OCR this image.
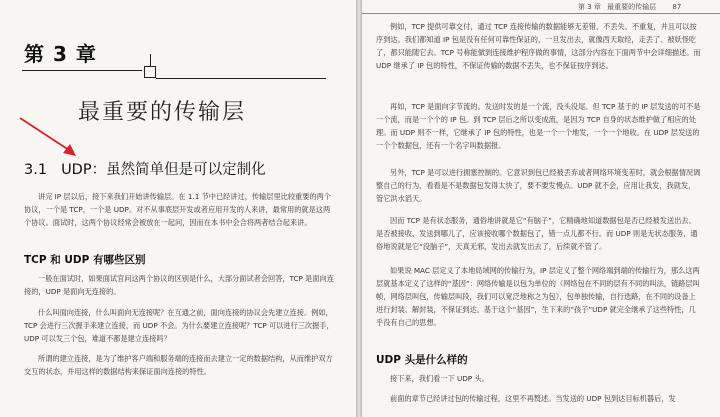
第 3 章
最重要的传输层
3.1 UDP：虽然简单但是可以定制化

讲完 IP 层以后，接下来我们开始讲传输层。在 1.1 节中已经讲过，传输层里比较重要的两个协议，一个是 TCP，一个是 UDP。对不从事底层开发或者应用开发的人来讲，最常用的就是这两个协议。面试时，这两个协议经常会被放在一起问，因而在本书中会合将两者结合起来讲。

TCP 和 UDP 有哪些区别

一般在面试时，如果面试官问这两个协议的区别是什么，大部分面试者会回答，TCP 是面向连接的，UDP 是面向无连接的。

什么叫面向连接，什么叫面向无连接呢？在互通之前，面向连接的协议会先建立连接。例如，TCP 会进行三次握手来建立连接，而 UDP 不会。为什么要建立连接呢？TCP 可以进行三次握手，UDP 可以发三个包，难道不都是建立连接吗？

所谓的建立连接，是为了维护客户端和服务端的连接而去建立一定的数据结构，从而维护双方交互的状态，并用这样的数据结构来保证面向连接的特性。

第 3 章 最重要的传输层 87

例如，TCP 提供可靠交付，通过 TCP 连接传输的数据能够无差错、不丢失、不重复，并且可以按序到达。我们都知道 IP 包是没有任何可靠性保证的，一旦发出去，就像西天取经，走丢了、被妖怪吃了，都只能随它去。TCP 号称能做到连接维护程序做的事情，这部分内容在下面两节中会详细描述。而 UDP 继承了 IP 包的特性，不保证传输的数据不丢失，也不保证按序到达。

再如，TCP 是面向字节流的。发送时发的是一个流，没头没尾。但 TCP 基于的 IP 层发送的可不是一个流，而是一个个的 IP 包。到 TCP 层后之所以变成流，是因为 TCP 自身的状态维护做了相应的处理。而 UDP 则不一样，它继承了 IP 包的特性，也是一个一个地发，一个一个地收。在 UDP 层发送的一个个数据包，还有一个名字叫数据报。

另外，TCP 是可以进行拥塞控制的。它意识到包已经被丢弃或者网络环境变差时，就会根据情况调整自己的行为，看看是不是数据包发得太快了，要不要发慢点。UDP 就不会，应用让我发，我就发，管它洪水滔天。

因而 TCP 是有状态服务，通俗地讲就是它“有脑子”，它精确地知道数据包是否已经被发送出去、是否被接收、发送到哪儿了，应该接收哪个数据包了，错一点儿都不行。而 UDP 则是无状态服务，通俗地说就是它“没脑子”，天真无邪，发出去就发出去了，后续就不管了。

如果说 MAC 层定义了本地局域网的传输行为，IP 层定义了整个网络端到端的传输行为，那么这两层就基本定义了这样的“基因”：网络传输是以包为单位的（网络包在不同的层有不同的叫法，链路层叫帧，网络层叫包，传输层叫段，我们可以宽泛地称之为包），包单独传输，自行选路，在不同的设备上进行封装、解封装，不保证到达。基于这个“基因”，生下来的“孩子”UDP 就完全继承了这些特性，几乎没有自己的思想。

UDP 头是什么样的

接下来，我们看一下 UDP 头。

前面的章节已经讲过包的传输过程，这里不再赘述。当发送的 UDP 包到达目标机器后，发
